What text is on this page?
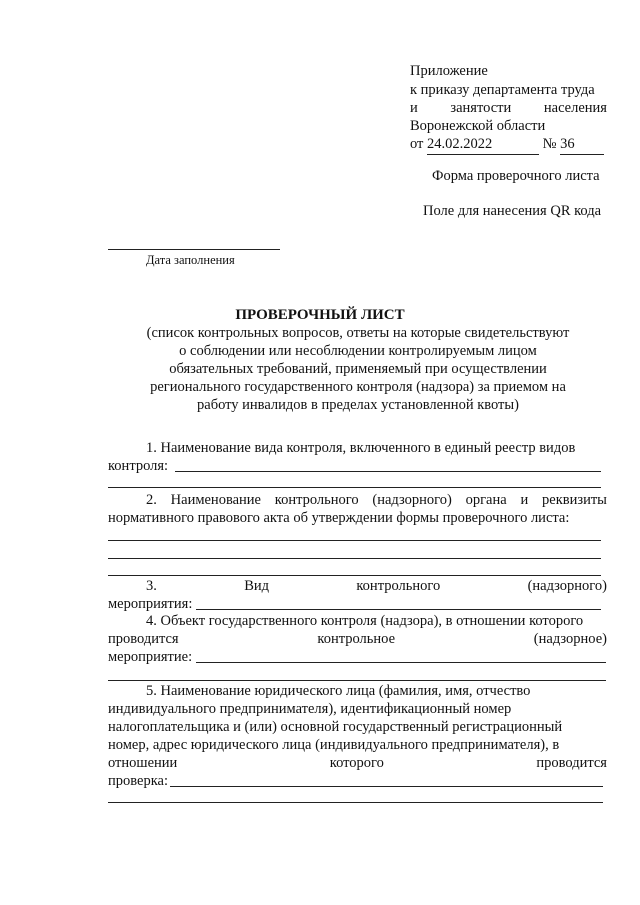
Приложение
к приказу департамента труда
и занятости населения
Воронежской области
от 24.02.2022	№ 36
Форма проверочного листа
Поле для нанесения QR кода
Дата заполнения
ПРОВЕРОЧНЫЙ ЛИСТ
(список контрольных вопросов, ответы на которые свидетельствуют
о соблюдении или несоблюдении контролируемым лицом
обязательных требований, применяемый при осуществлении
регионального государственного контроля (надзора) за приемом на
работу инвалидов в пределах установленной квоты)
1. Наименование вида контроля, включенного в единый реестр видов
контроля:
2. Наименование контрольного (надзорного) органа и реквизиты
нормативного правового акта об утверждении формы проверочного листа:
3.	Вид	контрольного	(надзорного)
мероприятия:
4. Объект государственного контроля (надзора), в отношении которого
проводится	контрольное	(надзорное)
мероприятие:
5. Наименование юридического лица (фамилия, имя, отчество
индивидуального предпринимателя), идентификационный номер
налогоплательщика и (или) основной государственный регистрационный
номер, адрес юридического лица (индивидуального предпринимателя), в
отношении	которого	проводится
проверка:
